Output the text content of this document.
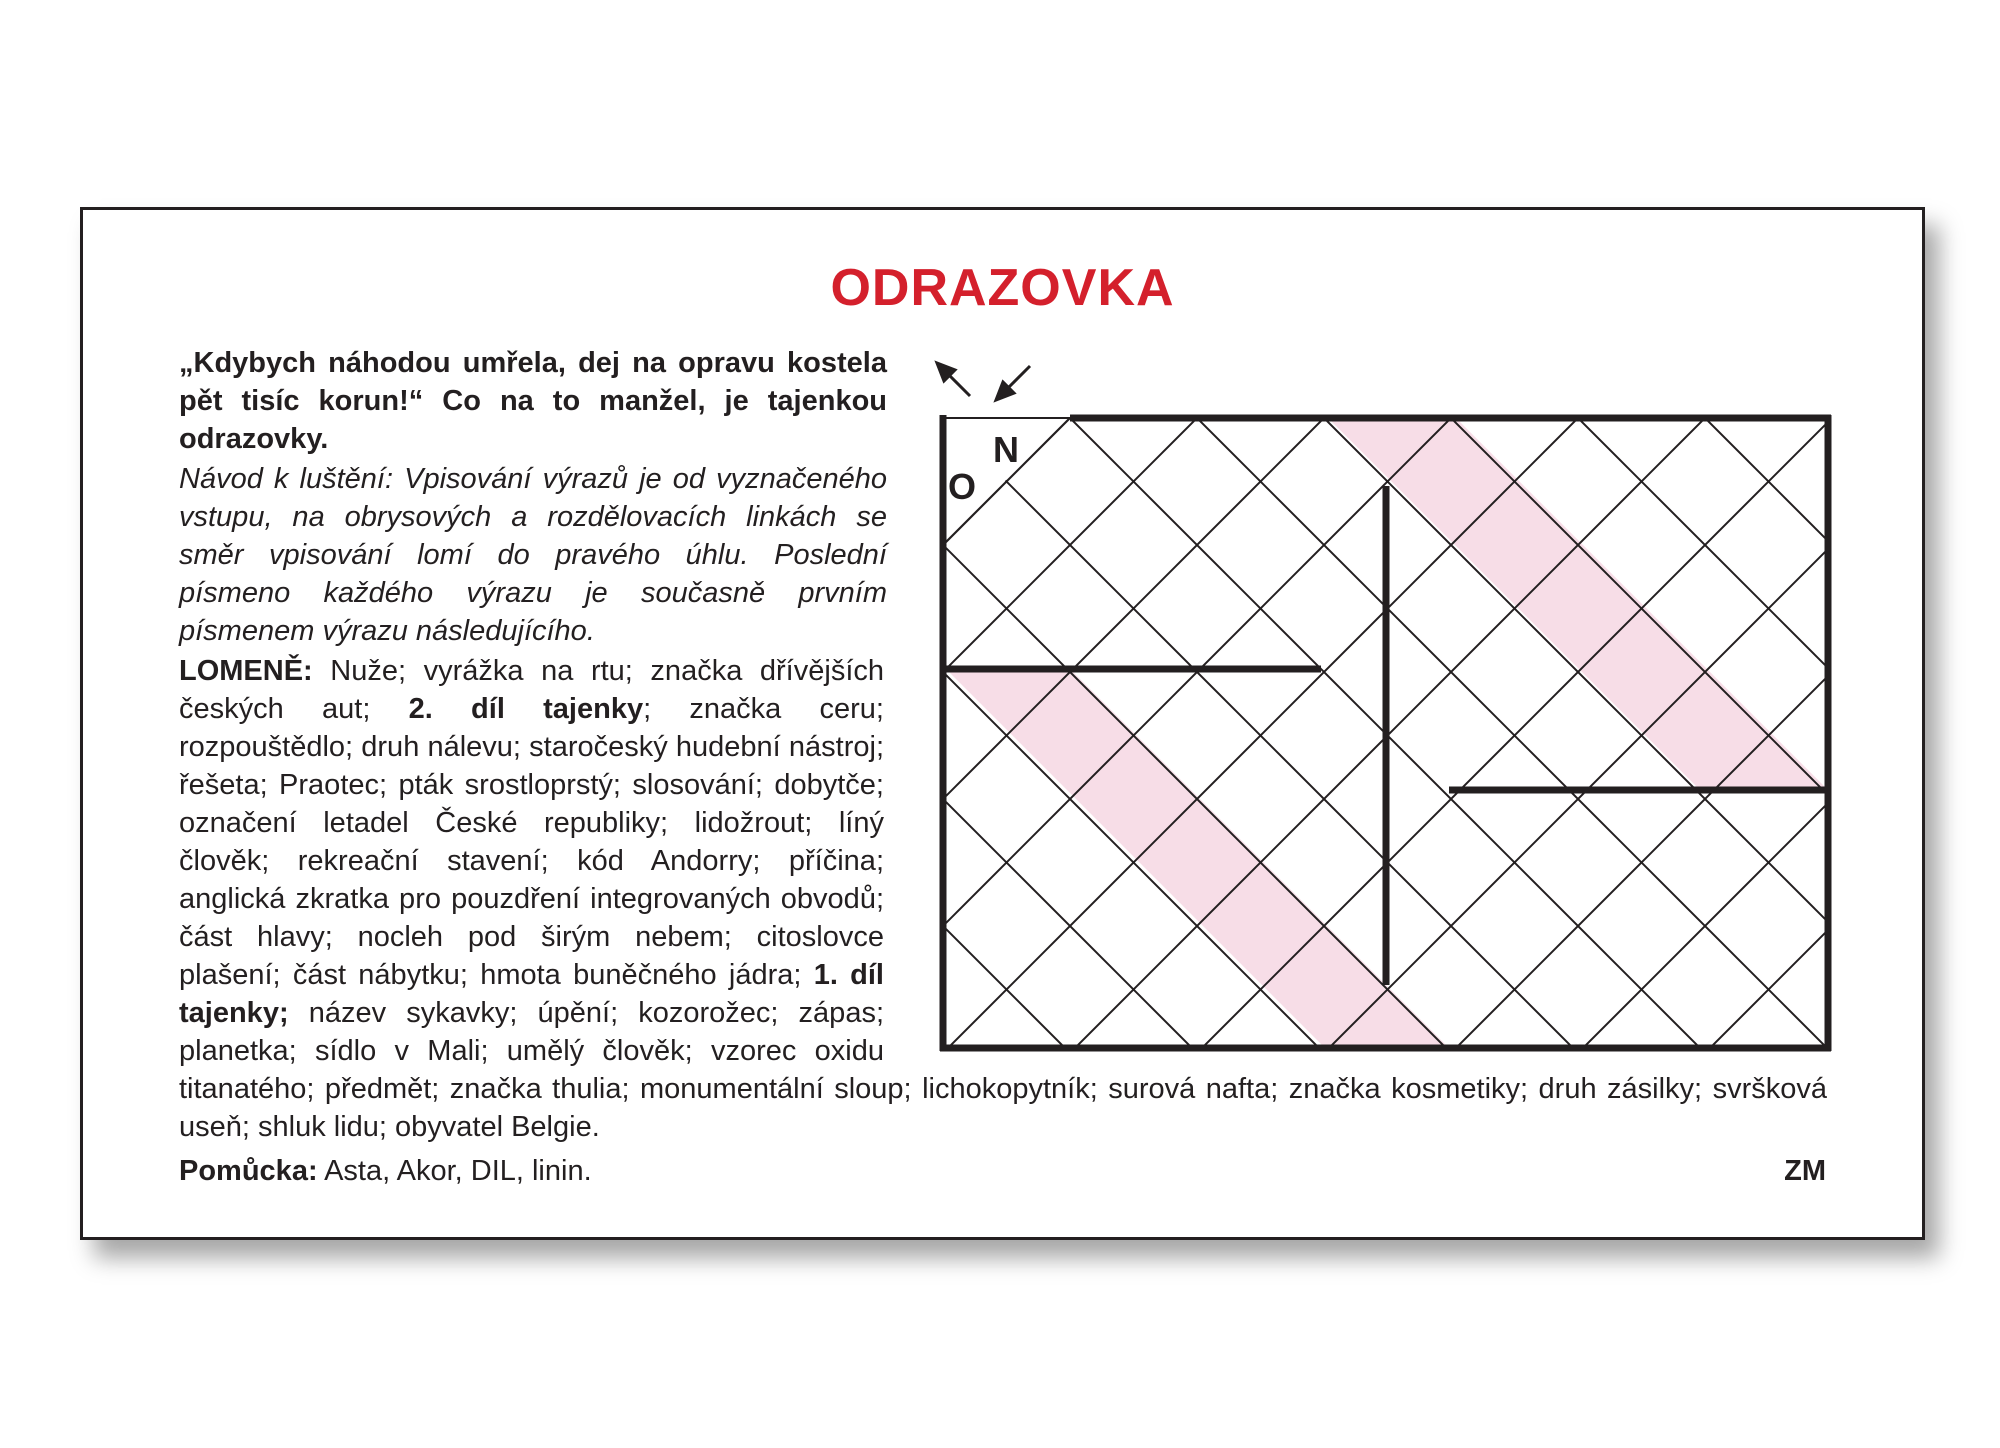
ODRAZOVKA
„Kdybych náhodou umřela, dej na opravu kostela pět tisíc korun!“ Co na to manžel, je tajenkou odrazovky.
Návod k luštění: Vpisování výrazů je od vyznačeného vstupu, na obrysových a rozdělovacích linkách se směr vpisování lomí do pravého úhlu. Poslední písmeno každého výrazu je současně prvním písmenem výrazu následujícího.
LOMENĚ: Nuže; vyrážka na rtu; značka dřívějších českých aut; 2. díl tajenky; značka ceru; rozpouštědlo; druh nálevu; staročeský hudební nástroj; řešeta; Praotec; pták srostloprstý; slosování; dobytče; označení letadel České republiky; lidožrout; líný člověk; rekreační stavení; kód Andorry; příčina; anglická zkratka pro pouzdření integrovaných obvodů; část hlavy; nocleh pod širým nebem; citoslovce plašení; část nábytku; hmota buněčného jádra; 1. díl tajenky; název sykavky; úpění; kozorožec; zápas; planetka; sídlo v Mali; umělý člověk; vzorec oxidu titanatého; předmět; značka thulia; monumentální sloup; lichokopytník; surová nafta; značka kosmetiky; druh zásilky; svršková useň; shluk lidu; obyvatel Belgie.
Pomůcka: Asta, Akor, DIL, linin.	ZM
N
O
